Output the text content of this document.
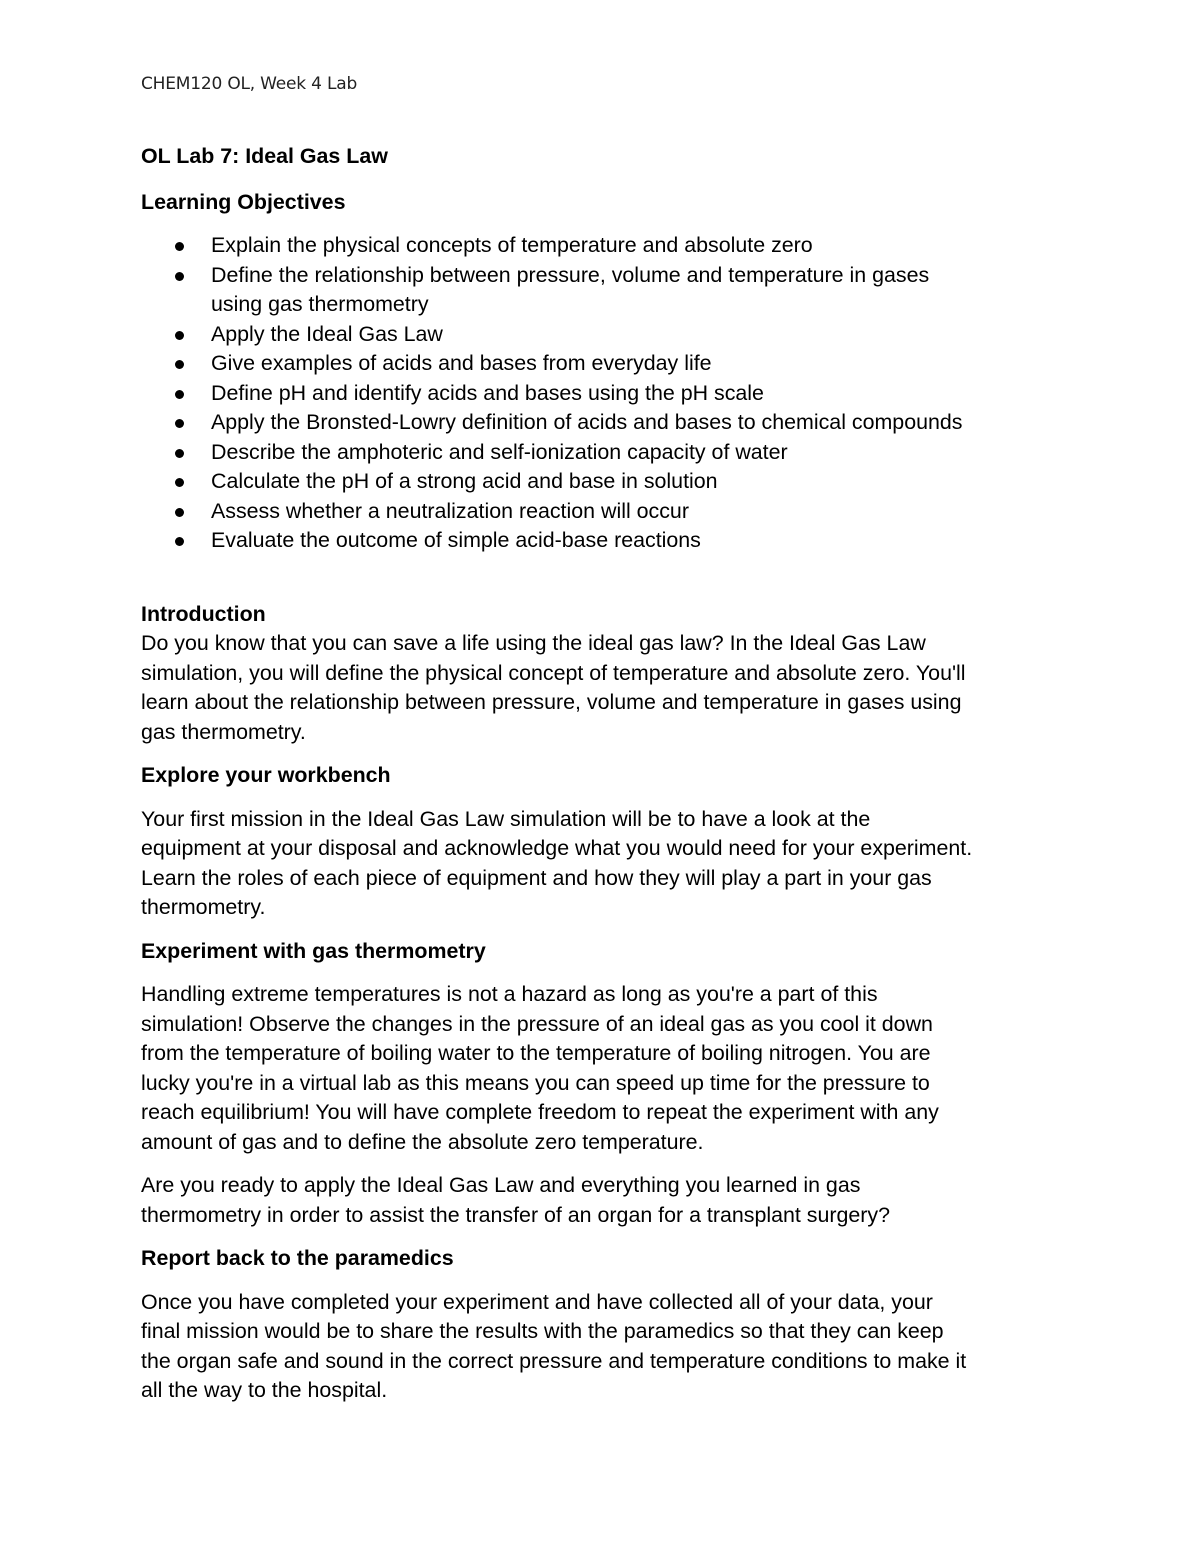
CHEM120 OL, Week 4 Lab
OL Lab 7: Ideal Gas Law
Learning Objectives
Explain the physical concepts of temperature and absolute zero
Define the relationship between pressure, volume and temperature in gases
using gas thermometry
Apply the Ideal Gas Law
Give examples of acids and bases from everyday life
Define pH and identify acids and bases using the pH scale
Apply the Bronsted-Lowry definition of acids and bases to chemical compounds
Describe the amphoteric and self-ionization capacity of water
Calculate the pH of a strong acid and base in solution
Assess whether a neutralization reaction will occur
Evaluate the outcome of simple acid-base reactions
Introduction

Do you know that you can save a life using the ideal gas law? In the Ideal Gas Law
simulation, you will define the physical concept of temperature and absolute zero. You'll
learn about the relationship between pressure, volume and temperature in gases using
gas thermometry.

Explore your workbench

Your first mission in the Ideal Gas Law simulation will be to have a look at the
equipment at your disposal and acknowledge what you would need for your experiment.
Learn the roles of each piece of equipment and how they will play a part in your gas
thermometry.

Experiment with gas thermometry

Handling extreme temperatures is not a hazard as long as you're a part of this
simulation! Observe the changes in the pressure of an ideal gas as you cool it down
from the temperature of boiling water to the temperature of boiling nitrogen. You are
lucky you're in a virtual lab as this means you can speed up time for the pressure to
reach equilibrium! You will have complete freedom to repeat the experiment with any
amount of gas and to define the absolute zero temperature.

Are you ready to apply the Ideal Gas Law and everything you learned in gas
thermometry in order to assist the transfer of an organ for a transplant surgery?

Report back to the paramedics

Once you have completed your experiment and have collected all of your data, your
final mission would be to share the results with the paramedics so that they can keep
the organ safe and sound in the correct pressure and temperature conditions to make it
all the way to the hospital.
